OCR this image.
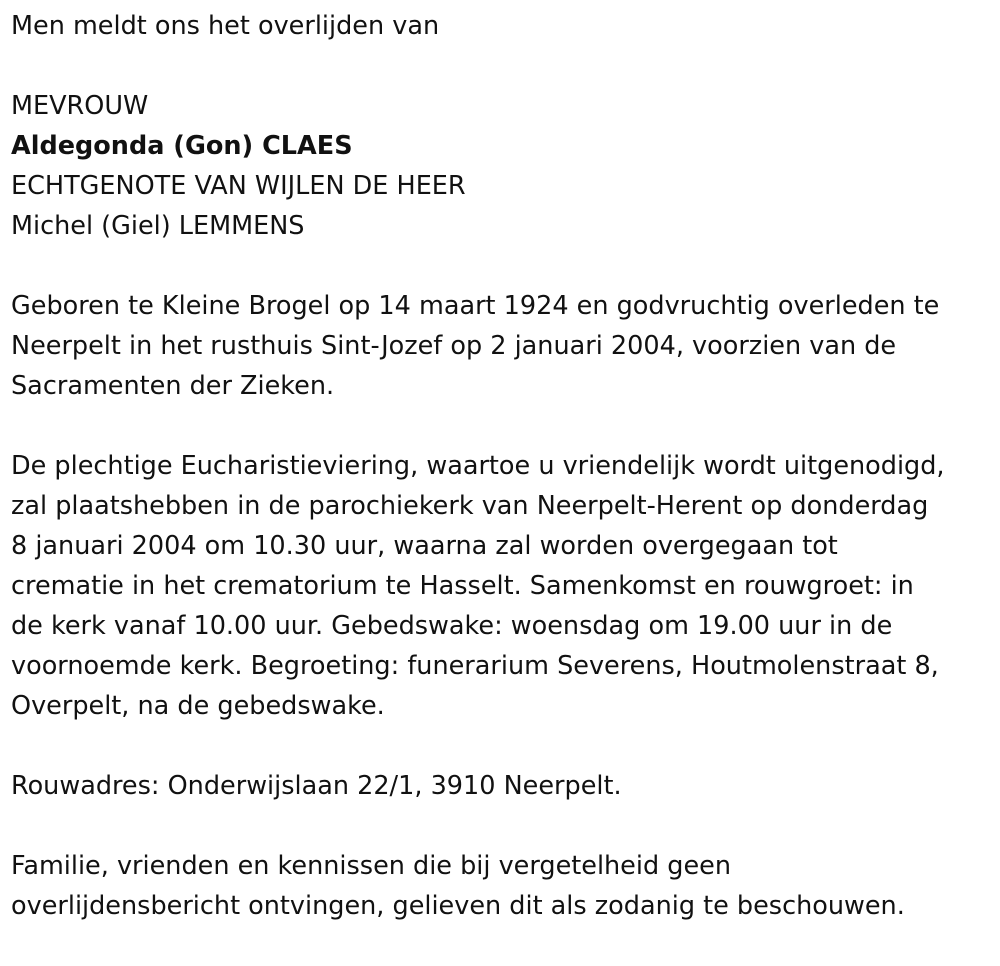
Men meldt ons het overlijden van
MEVROUW
Aldegonda (Gon) CLAES
ECHTGENOTE VAN WIJLEN DE HEER
Michel (Giel) LEMMENS
Geboren te Kleine Brogel op 14 maart 1924 en godvruchtig overleden te
Neerpelt in het rusthuis Sint-Jozef op 2 januari 2004, voorzien van de
Sacramenten der Zieken.
De plechtige Eucharistieviering, waartoe u vriendelijk wordt uitgenodigd,
zal plaatshebben in de parochiekerk van Neerpelt-Herent op donderdag
8 januari 2004 om 10.30 uur, waarna zal worden overgegaan tot
crematie in het crematorium te Hasselt. Samenkomst en rouwgroet: in
de kerk vanaf 10.00 uur. Gebedswake: woensdag om 19.00 uur in de
voornoemde kerk. Begroeting: funerarium Severens, Houtmolenstraat 8,
Overpelt, na de gebedswake.
Rouwadres: Onderwijslaan 22/1, 3910 Neerpelt.
Familie, vrienden en kennissen die bij vergetelheid geen
overlijdensbericht ontvingen, gelieven dit als zodanig te beschouwen.
